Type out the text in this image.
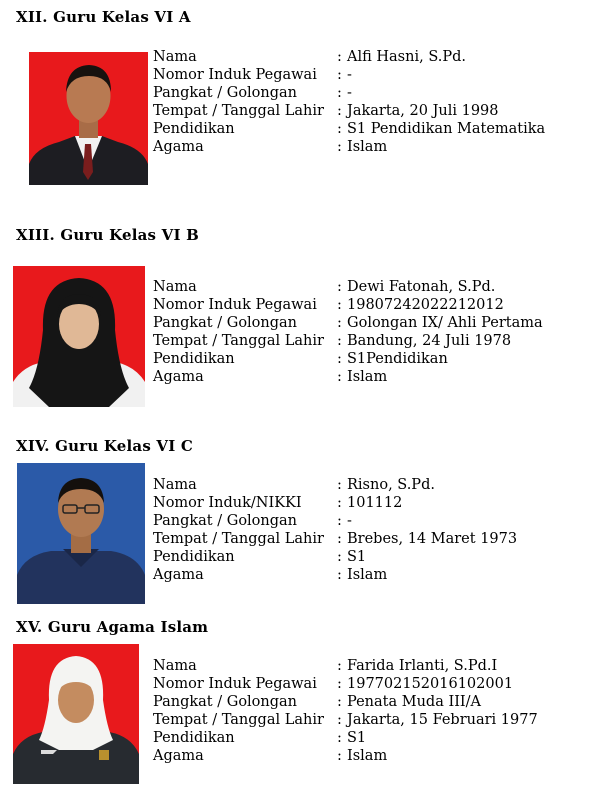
XII. Guru Kelas VI A
Nama	: Alfi Hasni, S.Pd.
Nomor Induk Pegawai	: -
Pangkat / Golongan	: -
Tempat / Tanggal Lahir : Jakarta, 20 Juli 1998
Pendidikan	: S1 Pendidikan Matematika
Agama	: Islam
XIII. Guru Kelas VI B
Nama	: Dewi Fatonah, S.Pd.
Nomor Induk Pegawai	: 19807242022212012
Pangkat / Golongan	: Golongan IX/ Ahli Pertama
Tempat / Tanggal Lahir : Bandung, 24 Juli 1978
Pendidikan	: S1Pendidikan
Agama	: Islam
XIV. Guru Kelas VI C
Nama	: Risno, S.Pd.
Nomor Induk/NIKKI	: 101112
Pangkat / Golongan	: -
Tempat / Tanggal Lahir : Brebes, 14 Maret 1973
Pendidikan	: S1
Agama	: Islam
XV. Guru Agama Islam
Nama	: Farida Irlanti, S.Pd.I
Nomor Induk Pegawai	: 197702152016102001
Pangkat / Golongan	: Penata Muda III/A
Tempat / Tanggal Lahir : Jakarta, 15 Februari 1977
Pendidikan	: S1
Agama	: Islam
